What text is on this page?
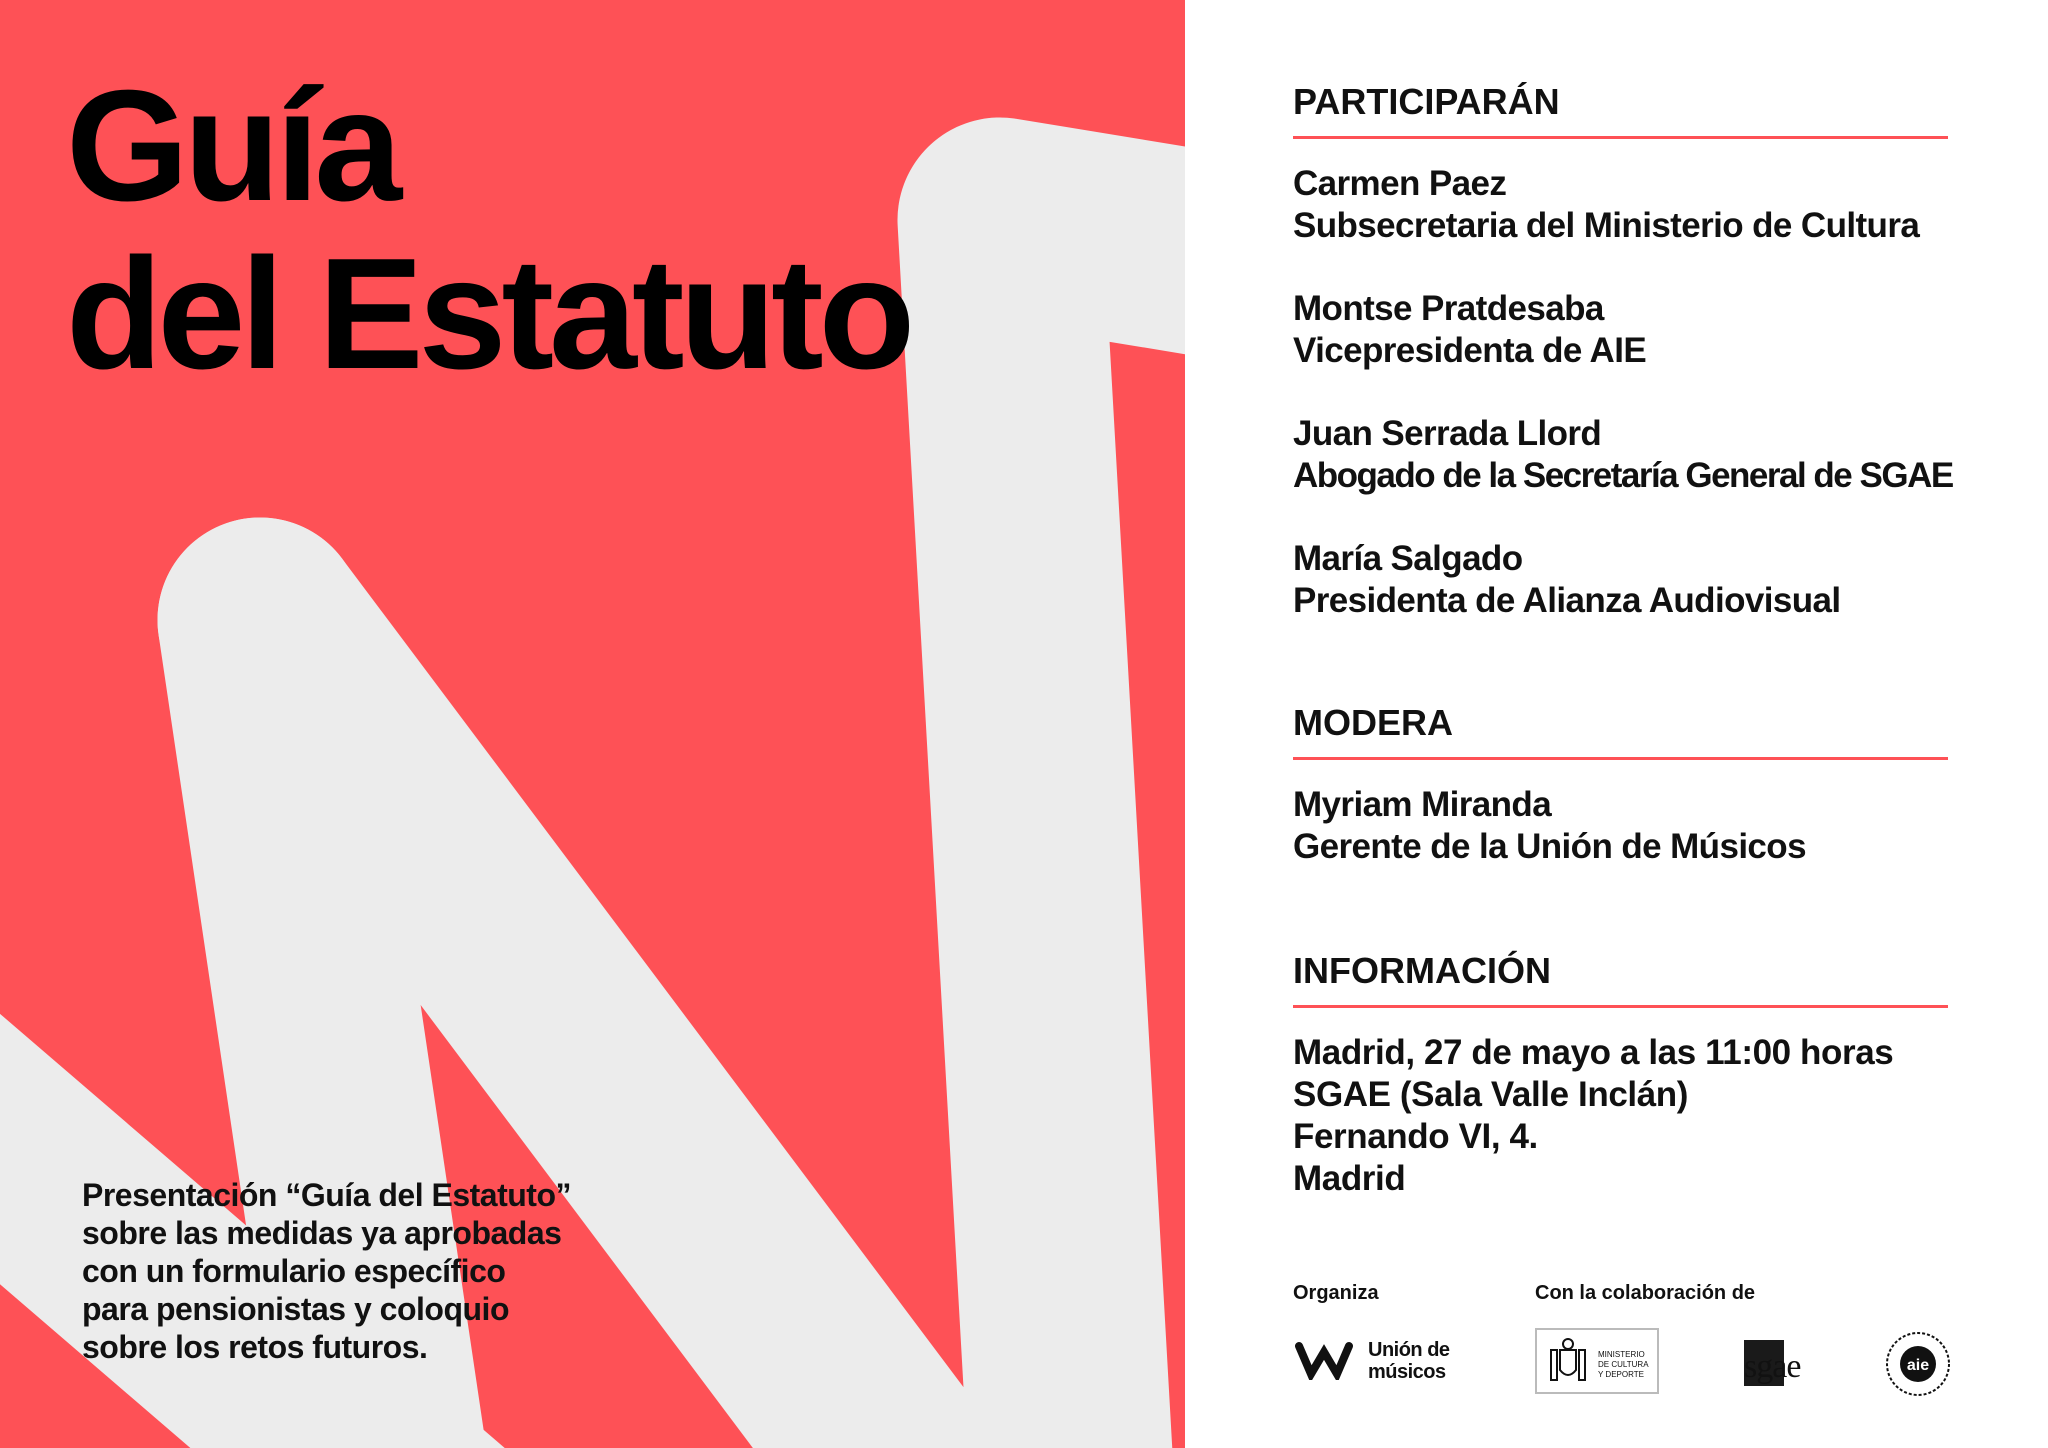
Guía
del Estatuto

Presentación “Guía del Estatuto”
sobre las medidas ya aprobadas
con un formulario específico
para pensionistas y coloquio
sobre los retos futuros.

PARTICIPARÁN

Carmen Paez
Subsecretaria del Ministerio de Cultura

Montse Pratdesaba
Vicepresidenta de AIE

Juan Serrada Llord
Abogado de la Secretaría General de SGAE

María Salgado
Presidenta de Alianza Audiovisual

MODERA

Myriam Miranda
Gerente de la Unión de Músicos

INFORMACIÓN

Madrid, 27 de mayo a las 11:00 horas

SGAE (Sala Valle Inclán)

Fernando VI, 4.

Madrid

Organiza	Con la colaboración de

Unión de
músicos
MINISTERIO
DE CULTURA
Y DEPORTE	sgae	aie
